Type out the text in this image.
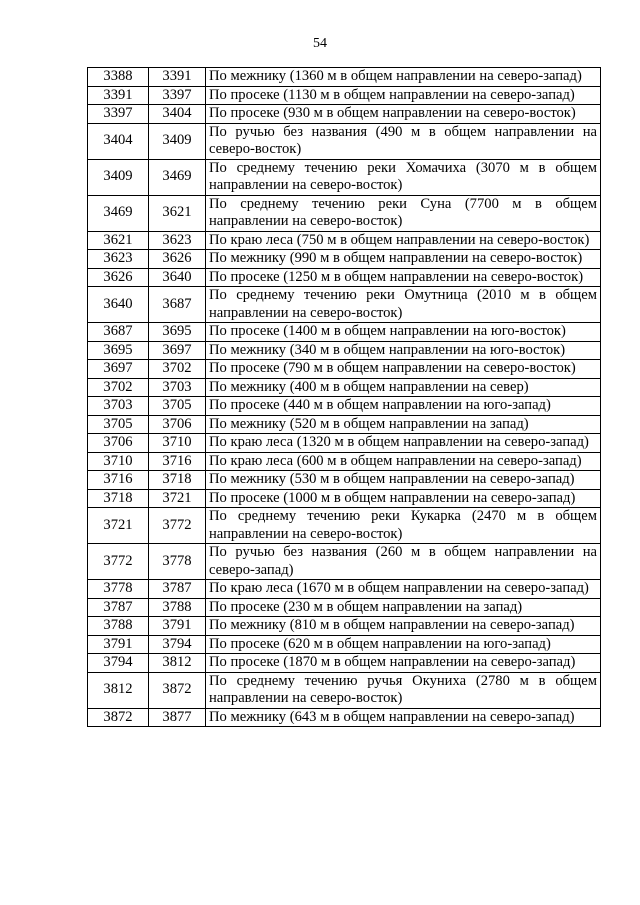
54
3388	3391	По межнику (1360 м в общем направлении на северо-запад)
3391	3397	По просеке (1130 м в общем направлении на северо-запад)
3397	3404	По просеке (930 м в общем направлении на северо-восток)
3404	3409	По ручью без названия (490 м в общем направлении на северо-восток)
3409	3469	По среднему течению реки Хомачиха (3070 м в общем направлении на северо-восток)
3469	3621	По среднему течению реки Суна (7700 м в общем направлении на северо-восток)
3621	3623	По краю леса (750 м в общем направлении на северо-восток)
3623	3626	По межнику (990 м в общем направлении на северо-восток)
3626	3640	По просеке (1250 м в общем направлении на северо-восток)
3640	3687	По среднему течению реки Омутница (2010 м в общем направлении на северо-восток)
3687	3695	По просеке (1400 м в общем направлении на юго-восток)
3695	3697	По межнику (340 м в общем направлении на юго-восток)
3697	3702	По просеке (790 м в общем направлении на северо-восток)
3702	3703	По межнику (400 м в общем направлении на север)
3703	3705	По просеке (440 м в общем направлении на юго-запад)
3705	3706	По межнику (520 м в общем направлении на запад)
3706	3710	По краю леса (1320 м в общем направлении на северо-запад)
3710	3716	По краю леса (600 м в общем направлении на северо-запад)
3716	3718	По межнику (530 м в общем направлении на северо-запад)
3718	3721	По просеке (1000 м в общем направлении на северо-запад)
3721	3772	По среднему течению реки Кукарка (2470 м в общем направлении на северо-восток)
3772	3778	По ручью без названия (260 м в общем направлении на северо-запад)
3778	3787	По краю леса (1670 м в общем направлении на северо-запад)
3787	3788	По просеке (230 м в общем направлении на запад)
3788	3791	По межнику (810 м в общем направлении на северо-запад)
3791	3794	По просеке (620 м в общем направлении на юго-запад)
3794	3812	По просеке (1870 м в общем направлении на северо-запад)
3812	3872	По среднему течению ручья Окуниха (2780 м в общем направлении на северо-восток)
3872	3877	По межнику (643 м в общем направлении на северо-запад)
